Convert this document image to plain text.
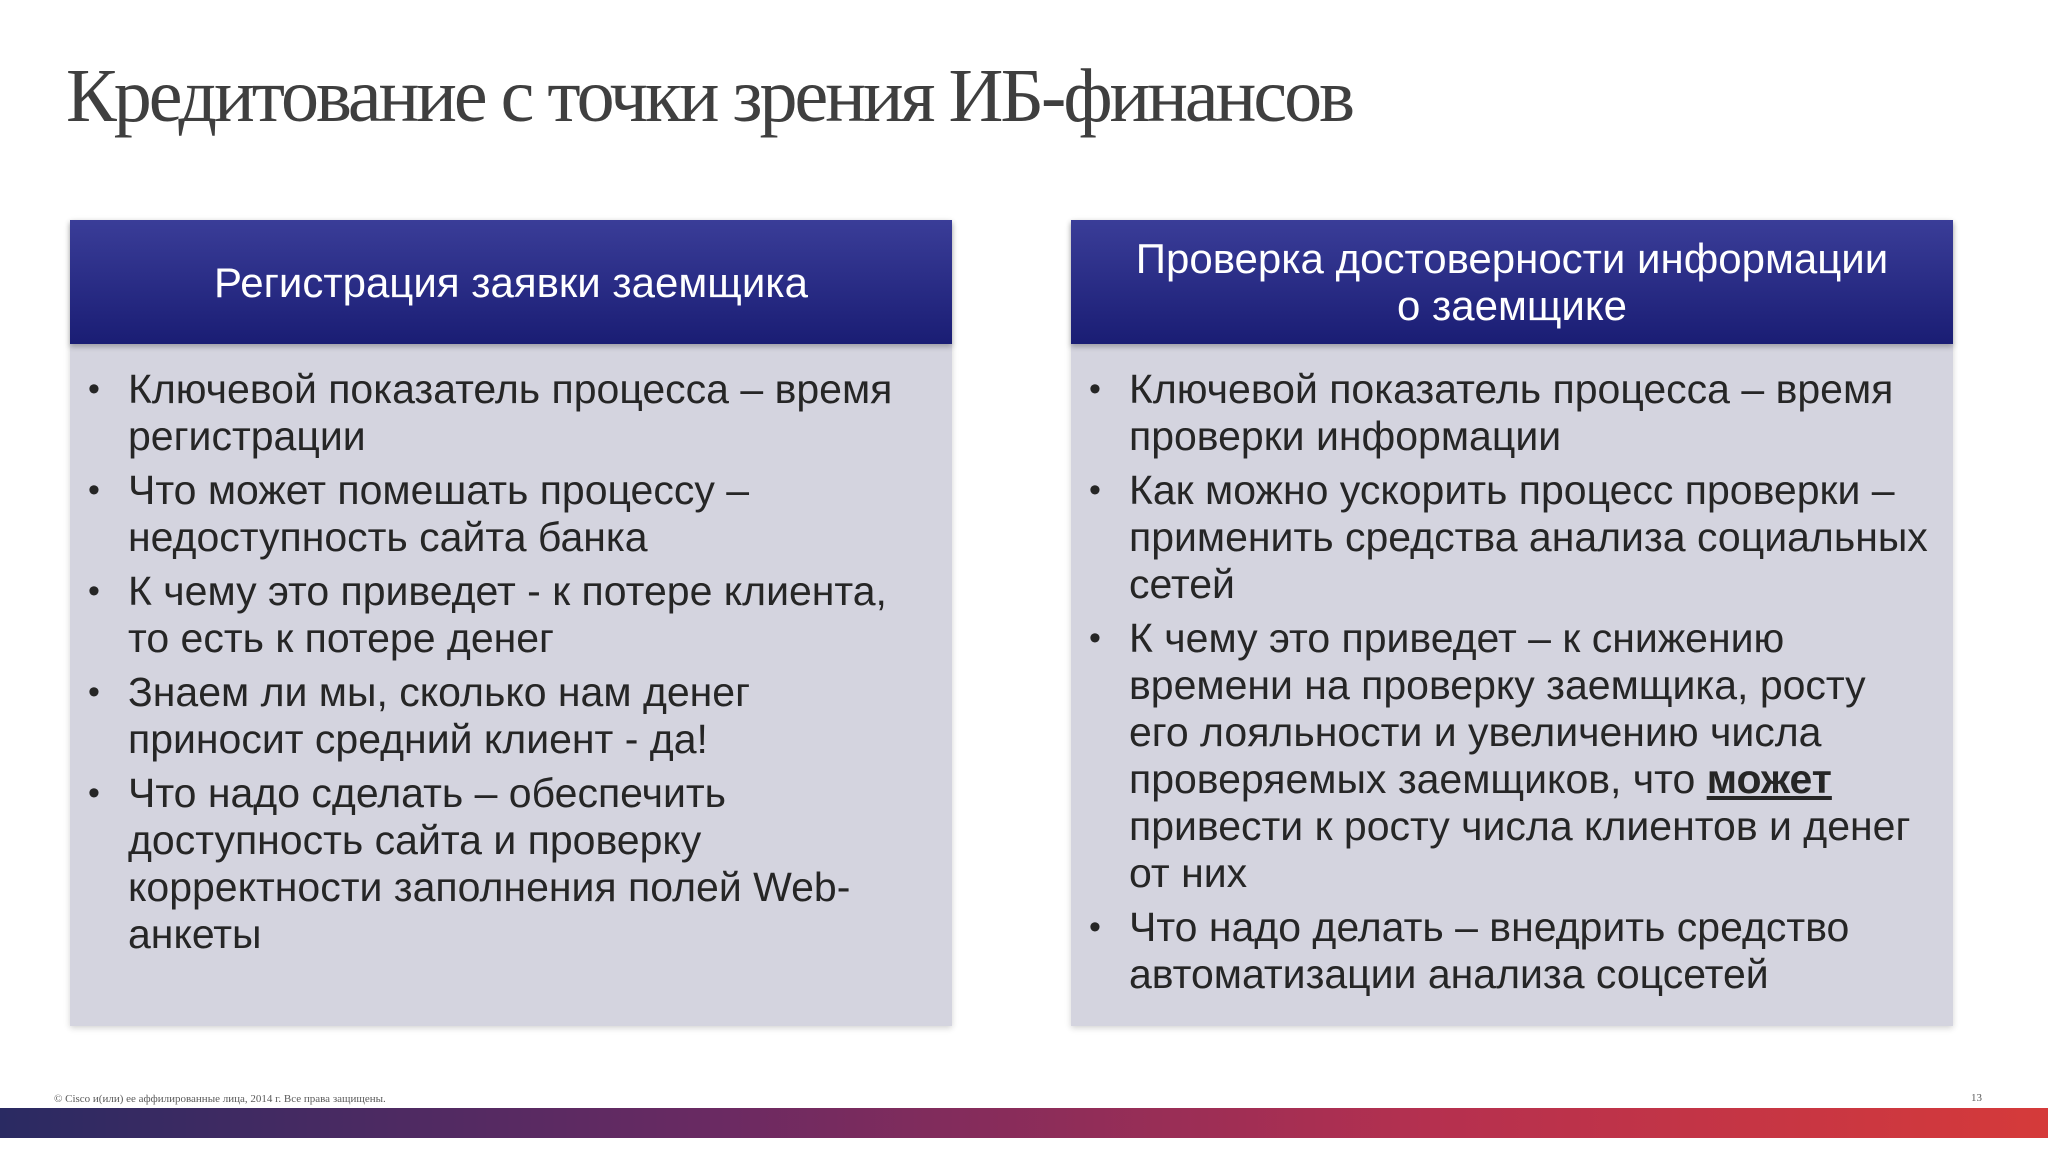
Кредитование с точки зрения ИБ-финансов
Регистрация заявки заемщика
• Ключевой показатель процесса – время регистрации
• Что может помешать процессу – недоступность сайта банка
• К чему это приведет - к потере клиента, то есть к потере денег
• Знаем ли мы, сколько нам денег приносит средний клиент - да!
• Что надо сделать – обеспечить доступность сайта и проверку корректности заполнения полей Web-анкеты
Проверка достоверности информации
о заемщике
• Ключевой показатель процесса – время проверки информации
• Как можно ускорить процесс проверки – применить средства анализа социальных сетей
• К чему это приведет – к снижению времени на проверку заемщика, росту его лояльности и увеличению числа проверяемых заемщиков, что может привести к росту числа клиентов и денег от них
• Что надо делать – внедрить средство автоматизации анализа соцсетей
© Cisco и(или) ее аффилированные лица, 2014 г. Все права защищены.	13
